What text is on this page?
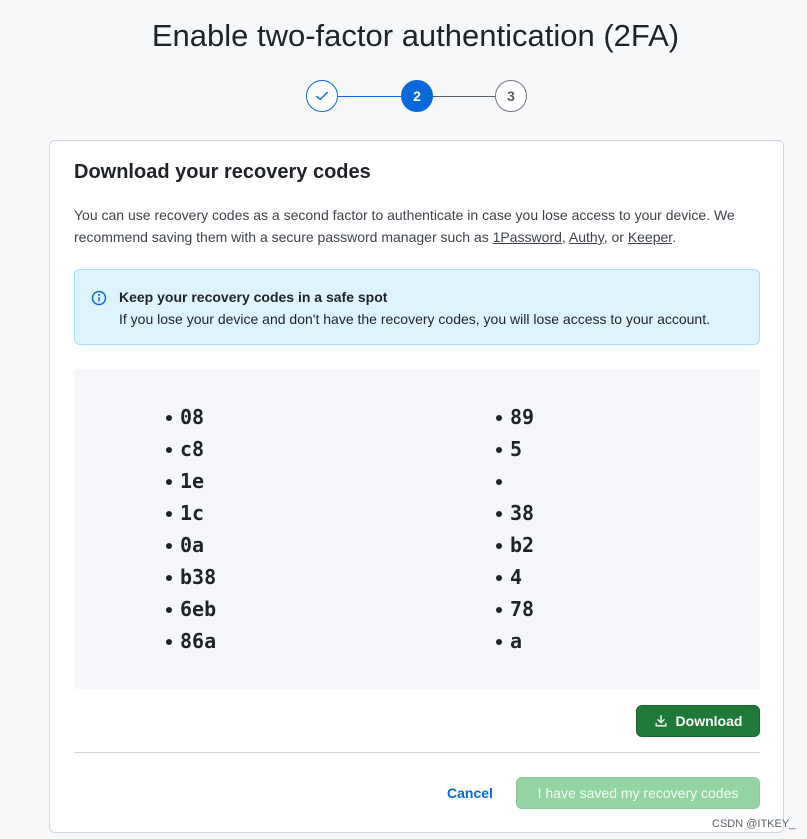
Enable two-factor authentication (2FA)
2	3
Download your recovery codes
You can use recovery codes as a second factor to authenticate in case you lose access to your device. We recommend saving them with a secure password manager such as 1Password, Authy, or Keeper.
Keep your recovery codes in a safe spot
If you lose your device and don't have the recovery codes, you will lose access to your account.
08
c8
1e
1c
0a
b38
6eb
86a
89
5
38
b2
4
78
a
Download
Cancel	I have saved my recovery codes
CSDN @ITKEY_
